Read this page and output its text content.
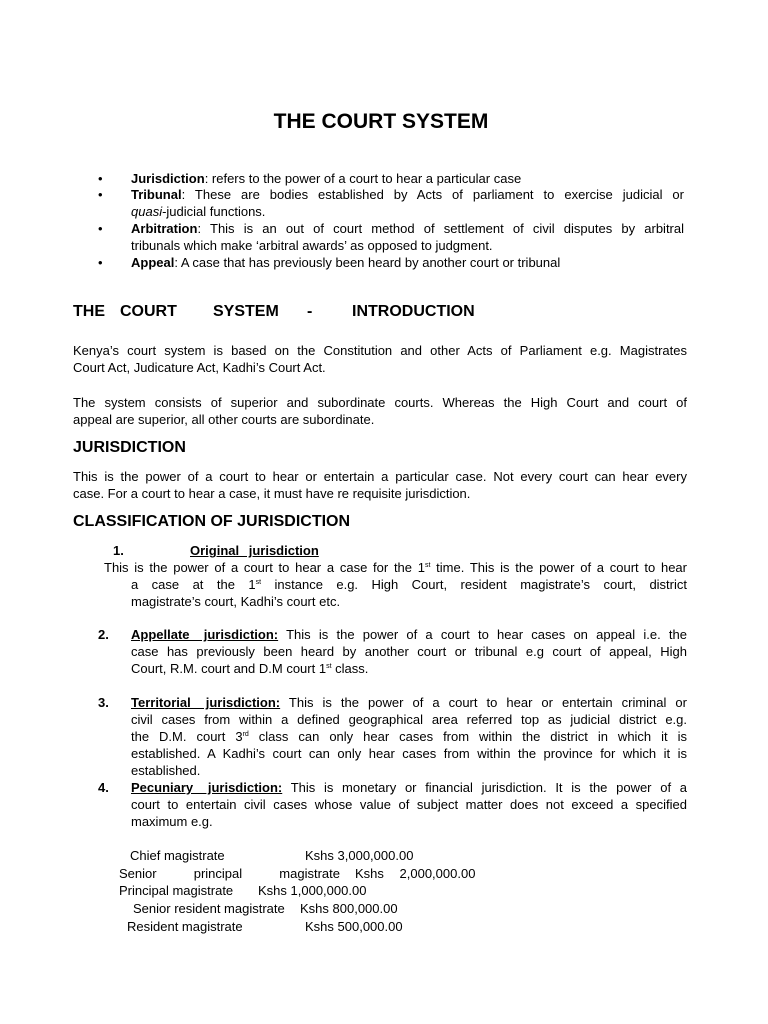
THE COURT SYSTEM
• Jurisdiction: refers to the power of a court to hear a particular case
• Tribunal: These are bodies established by Acts of parliament to exercise judicial or
quasi-judicial functions.
• Arbitration: This is an out of court method of settlement of civil disputes by arbitral
tribunals which make ‘arbitral awards’ as opposed to judgment.
• Appeal: A case that has previously been heard by another court or tribunal
THE COURT SYSTEM - INTRODUCTION
Kenya’s court system is based on the Constitution and other Acts of Parliament e.g. Magistrates
Court Act, Judicature Act, Kadhi’s Court Act.
The system consists of superior and subordinate courts. Whereas the High Court and court of
appeal are superior, all other courts are subordinate.
JURISDICTION
This is the power of a court to hear or entertain a particular case. Not every court can hear every
case. For a court to hear a case, it must have re requisite jurisdiction.
CLASSIFICATION OF JURISDICTION
1.	Original jurisdiction
This is the power of a court to hear a case for the 1st time. This is the power of a court to hear
a case at the 1st instance e.g. High Court, resident magistrate’s court, district
magistrate’s court, Kadhi’s court etc.
2. Appellate jurisdiction: This is the power of a court to hear cases on appeal i.e. the
case has previously been heard by another court or tribunal e.g court of appeal, High
Court, R.M. court and D.M court 1st class.
3. Territorial jurisdiction: This is the power of a court to hear or entertain criminal or
civil cases from within a defined geographical area referred top as judicial district e.g.
the D.M. court 3rd class can only hear cases from within the district in which it is
established. A Kadhi’s court can only hear cases from within the province for which it is
established.
4. Pecuniary jurisdiction: This is monetary or financial jurisdiction. It is the power of a
court to entertain civil cases whose value of subject matter does not exceed a specified
maximum e.g.
Chief magistrate	Kshs 3,000,000.00
Senior principal magistrate Kshs 2,000,000.00
Principal magistrate Kshs 1,000,000.00
Senior resident magistrate Kshs 800,000.00
Resident magistrate	Kshs 500,000.00
